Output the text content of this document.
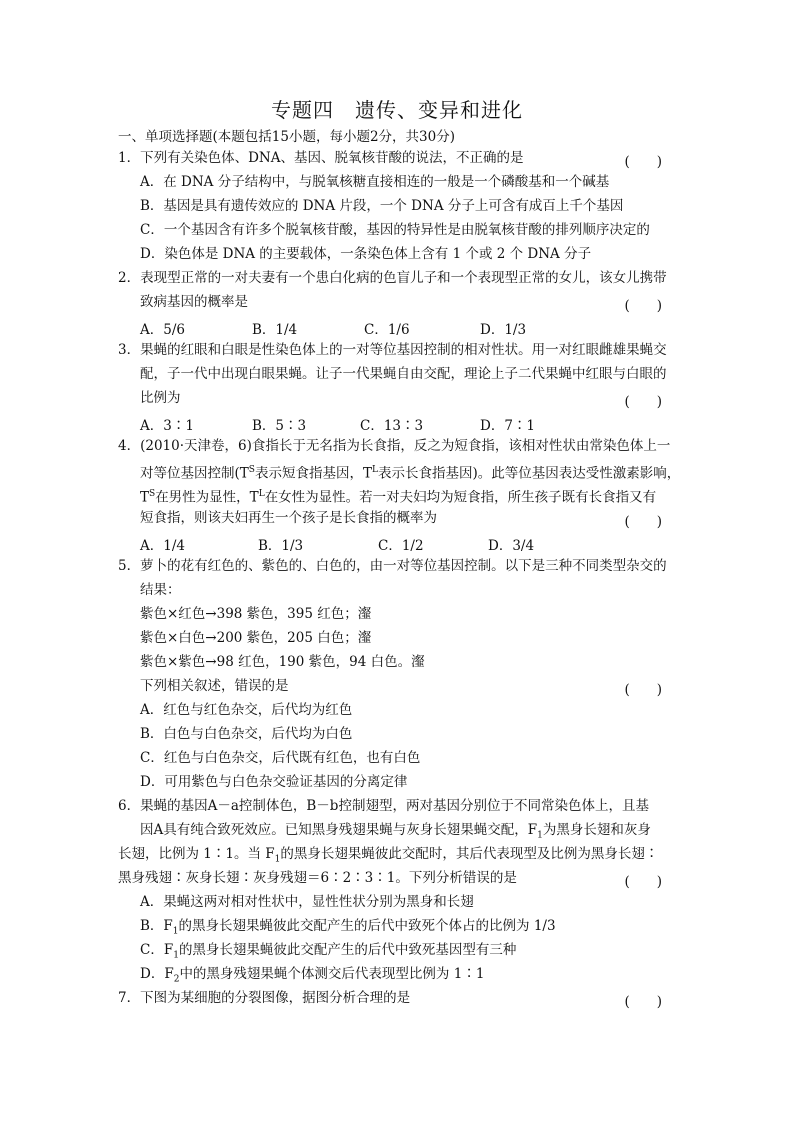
专题四　遗传、变异和进化
一、单项选择题(本题包括15小题，每小题2分，共30分)
1．下列有关染色体、DNA、基因、脱氧核苷酸的说法，不正确的是	(　　)
A．在 DNA 分子结构中，与脱氧核糖直接相连的一般是一个磷酸基和一个碱基
B．基因是具有遗传效应的 DNA 片段，一个 DNA 分子上可含有成百上千个基因
C．一个基因含有许多个脱氧核苷酸，基因的特异性是由脱氧核苷酸的排列顺序决定的
D．染色体是 DNA 的主要载体，一条染色体上含有 1 个或 2 个 DNA 分子
2．表现型正常的一对夫妻有一个患白化病的色盲儿子和一个表现型正常的女儿，该女儿携带
致病基因的概率是	(　　)
A．5/6	B．1/4	C．1/6	D．1/3
3．果蝇的红眼和白眼是性染色体上的一对等位基因控制的相对性状。用一对红眼雌雄果蝇交
配，子一代中出现白眼果蝇。让子一代果蝇自由交配，理论上子二代果蝇中红眼与白眼的
比例为	(　　)
A．3∶1	B．5∶3	C．13∶3	D．7∶1
4．(2010·天津卷，6)食指长于无名指为长食指，反之为短食指，该相对性状由常染色体上一
对等位基因控制($T^S$表示短食指基因，$T^L$表示长食指基因)。此等位基因表达受性激素影响，
$T^S$在男性为显性，$T^L$在女性为显性。若一对夫妇均为短食指，所生孩子既有长食指又有
短食指，则该夫妇再生一个孩子是长食指的概率为	(　　)
A．1/4	B．1/3	C．1/2	D．3/4
5．萝卜的花有红色的、紫色的、白色的，由一对等位基因控制。以下是三种不同类型杂交的
结果：
紫色×红色→398 紫色，395 红色；瀣
紫色×白色→200 紫色，205 白色；瀣
紫色×紫色→98 红色，190 紫色，94 白色。瀣
下列相关叙述，错误的是	(　　)
A．红色与红色杂交，后代均为红色
B．白色与白色杂交，后代均为白色
C．红色与白色杂交，后代既有红色，也有白色
D．可用紫色与白色杂交验证基因的分离定律
6．果蝇的基因A－a控制体色，B－b控制翅型，两对基因分别位于不同常染色体上，且基
因A具有纯合致死效应。已知黑身残翅果蝇与灰身长翅果蝇交配，$F_1$为黑身长翅和灰身
长翅，比例为 1∶1。当 $F_1$的黑身长翅果蝇彼此交配时，其后代表现型及比例为黑身长翅∶
黑身残翅∶灰身长翅∶灰身残翅＝6∶2∶3∶1。下列分析错误的是	(　　)
A．果蝇这两对相对性状中，显性性状分别为黑身和长翅
B．$F_1$的黑身长翅果蝇彼此交配产生的后代中致死个体占的比例为 1/3
C．$F_1$的黑身长翅果蝇彼此交配产生的后代中致死基因型有三种
D．$F_2$中的黑身残翅果蝇个体测交后代表现型比例为 1∶1
7．下图为某细胞的分裂图像，据图分析合理的是	(　　)
